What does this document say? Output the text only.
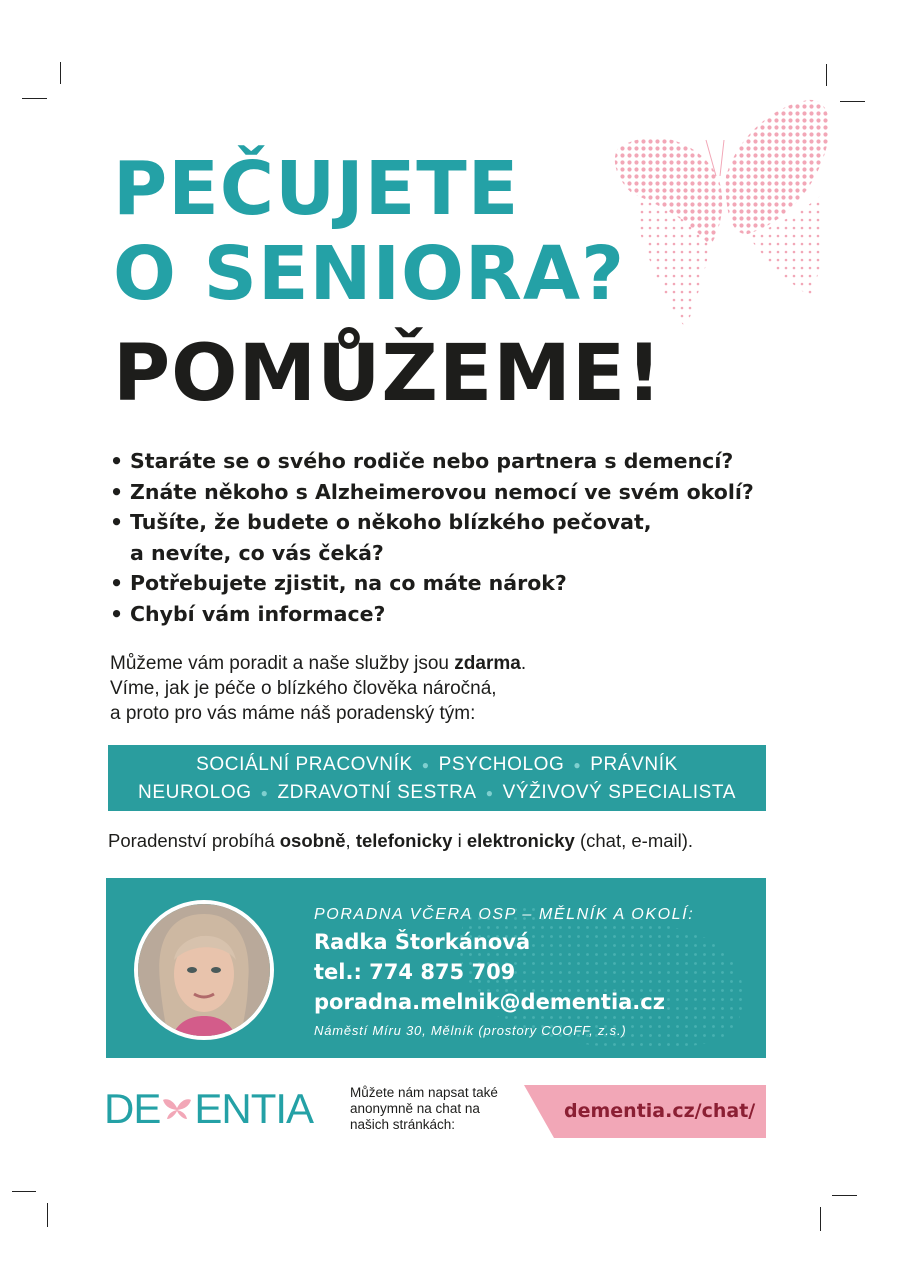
PEČUJETE
O SENIORA?
POMŮŽEME!
• Staráte se o svého rodiče nebo partnera s demencí?
• Znáte někoho s Alzheimerovou nemocí ve svém okolí?
• Tušíte, že budete o někoho blízkého pečovat,
a nevíte, co vás čeká?
• Potřebujete zjistit, na co máte nárok?
• Chybí vám informace?

Můžeme vám poradit a naše služby jsou zdarma.

Víme, jak je péče o blízkého člověka náročná,

a proto pro vás máme náš poradenský tým:

SOCIÁLNÍ PRACOVNÍK ● PSYCHOLOG ● PRÁVNÍK
NEUROLOG ● ZDRAVOTNÍ SESTRA ● VÝŽIVOVÝ SPECIALISTA

Poradenství probíhá osobně, telefonicky i elektronicky (chat, e-mail).

PORADNA VČERA OSP – MĚLNÍK A OKOLÍ:
Radka Štorkánová
tel.: 774 875 709
poradna.melnik@dementia.cz
Náměstí Míru 30, Mělník (prostory COOFF, z.s.)
DE ENTIA	Můžete nám napsat také
anonymně na chat na
našich stránkách:

dementia.cz/chat/
